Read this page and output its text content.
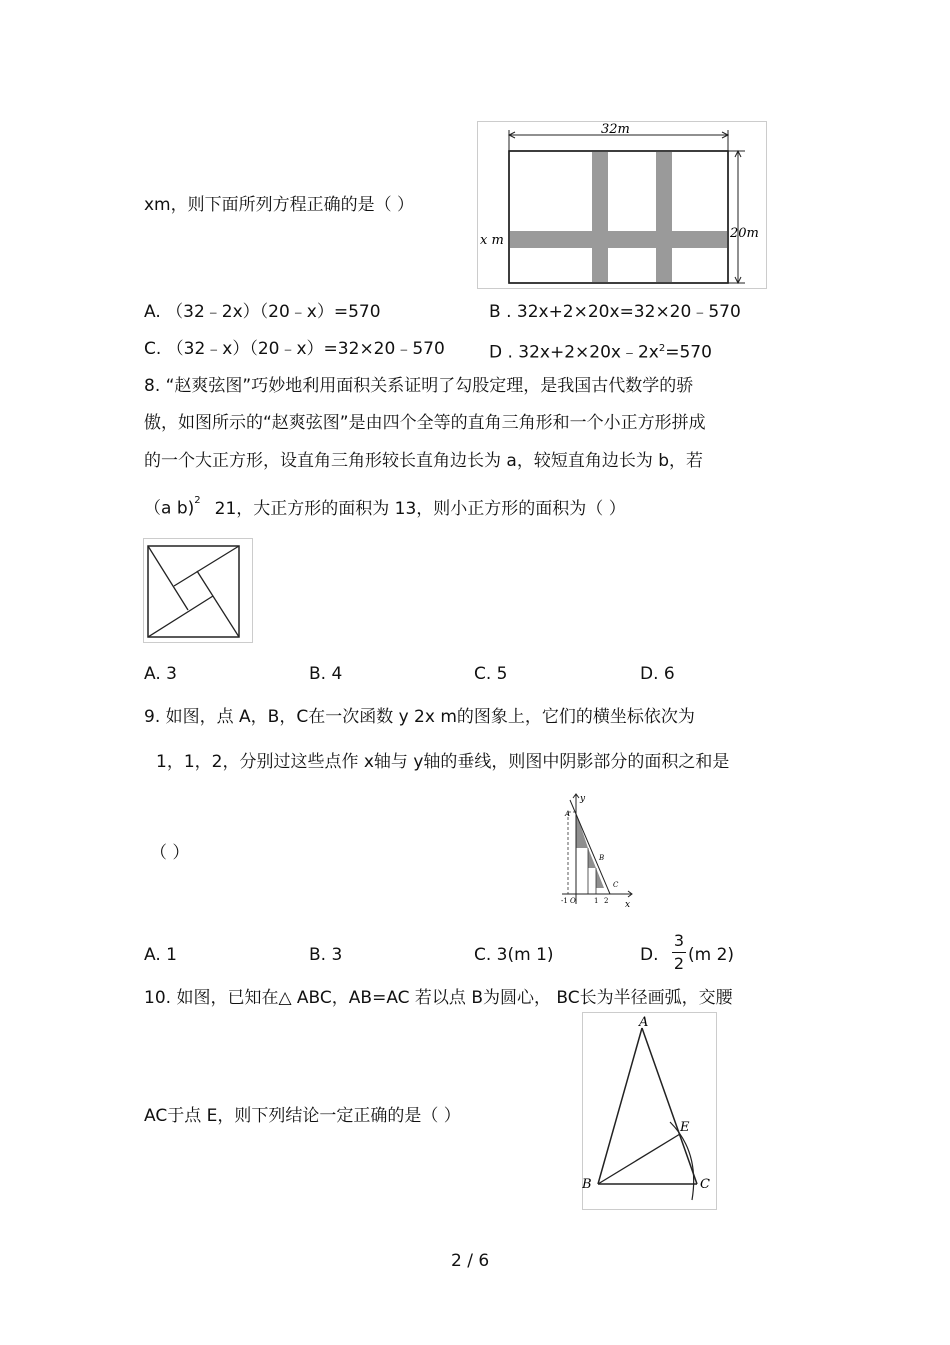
xm，则下面所列方程正确的是（ ）
32m
20m
x m
A. （32﹣2x）（20﹣x）=570	B . 32x+2×20x=32×20﹣570
C. （32﹣x）（20﹣x）=32×20﹣570	D . $32x+2\times 20x﹣2x^2=570$
8. “赵爽弦图”巧妙地利用面积关系证明了勾股定理，是我国古代数学的骄
傲，如图所示的“赵爽弦图”是由四个全等的直角三角形和一个小正方形拼成
的一个大正方形，设直角三角形较长直角边长为 a，较短直角边长为 b，若
（a b)$^2$ 21，大正方形的面积为 13，则小正方形的面积为（ ）
A. 3	B. 4	C. 5	D. 6
9. 如图，点 A，B，C在一次函数 y 2x m的图象上，它们的横坐标依次为
1，1，2，分别过这些点作 x轴与 y轴的垂线，则图中阴影部分的面积之和是
（ ）
y
x
A
B
C
O
-1	1 2
A. 1	B. 3	C. 3(m 1)	D.
3
2 (m 2)
10. 如图，已知在△ ABC，AB=AC 若以点 B为圆心， BC长为半径画弧，交腰
AC于点 E，则下列结论一定正确的是（ ）
A
B	C
E
2 / 6
